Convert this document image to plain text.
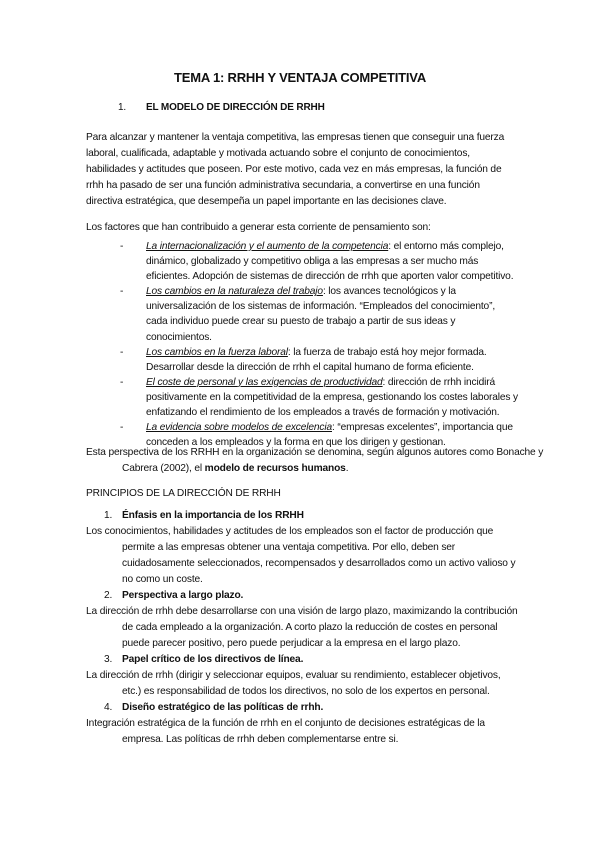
TEMA 1: RRHH Y VENTAJA COMPETITIVA
1. EL MODELO DE DIRECCIÓN DE RRHH

Para alcanzar y mantener la ventaja competitiva, las empresas tienen que conseguir una fuerza laboral, cualificada, adaptable y motivada actuando sobre el conjunto de conocimientos, habilidades y actitudes que poseen. Por este motivo, cada vez en más empresas, la función de rrhh ha pasado de ser una función administrativa secundaria, a convertirse en una función directiva estratégica, que desempeña un papel importante en las decisiones clave.

Los factores que han contribuido a generar esta corriente de pensamiento son:

- La internacionalización y el aumento de la competencia: el entorno más complejo, dinámico, globalizado y competitivo obliga a las empresas a ser mucho más eficientes. Adopción de sistemas de dirección de rrhh que aporten valor competitivo.
- Los cambios en la naturaleza del trabajo: los avances tecnológicos y la universalización de los sistemas de información. “Empleados del conocimiento”, cada individuo puede crear su puesto de trabajo a partir de sus ideas y conocimientos.
- Los cambios en la fuerza laboral: la fuerza de trabajo está hoy mejor formada. Desarrollar desde la dirección de rrhh el capital humano de forma eficiente.
- El coste de personal y las exigencias de productividad: dirección de rrhh incidirá positivamente en la competitividad de la empresa, gestionando los costes laborales y enfatizando el rendimiento de los empleados a través de formación y motivación.
- La evidencia sobre modelos de excelencia: “empresas excelentes”, importancia que conceden a los empleados y la forma en que los dirigen y gestionan.
Esta perspectiva de los RRHH en la organización se denomina, según algunos autores como Bonache y Cabrera (2002), el modelo de recursos humanos.

PRINCIPIOS DE LA DIRECCIÓN DE RRHH

1. Énfasis en la importancia de los RRHH

Los conocimientos, habilidades y actitudes de los empleados son el factor de producción que permite a las empresas obtener una ventaja competitiva. Por ello, deben ser cuidadosamente seleccionados, recompensados y desarrollados como un activo valioso y no como un coste.

2. Perspectiva a largo plazo.

La dirección de rrhh debe desarrollarse con una visión de largo plazo, maximizando la contribución de cada empleado a la organización. A corto plazo la reducción de costes en personal puede parecer positivo, pero puede perjudicar a la empresa en el largo plazo.

3. Papel crítico de los directivos de línea.

La dirección de rrhh (dirigir y seleccionar equipos, evaluar su rendimiento, establecer objetivos, etc.) es responsabilidad de todos los directivos, no solo de los expertos en personal.

4. Diseño estratégico de las políticas de rrhh.

Integración estratégica de la función de rrhh en el conjunto de decisiones estratégicas de la empresa. Las políticas de rrhh deben complementarse entre si.
